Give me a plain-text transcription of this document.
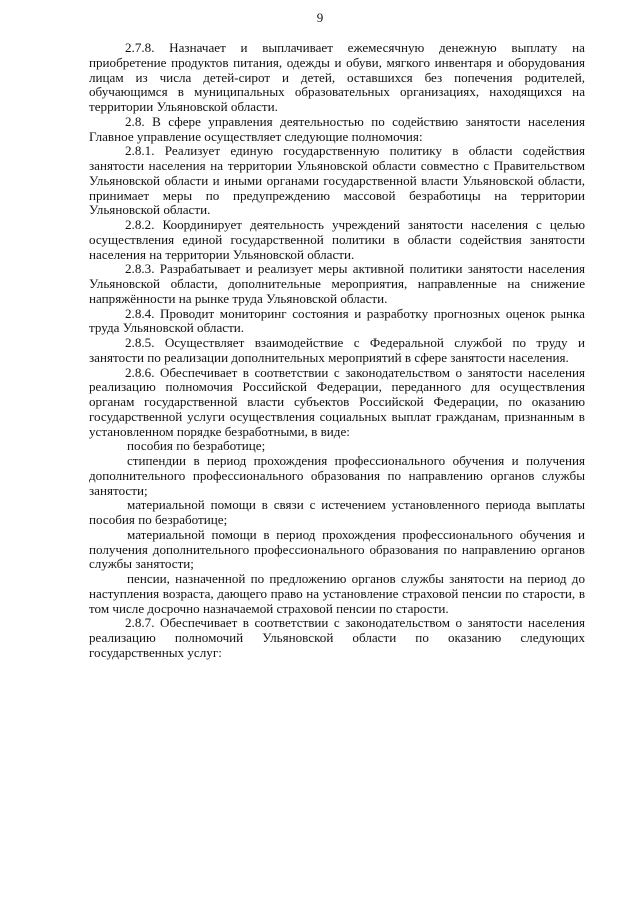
9

2.7.8. Назначает и выплачивает ежемесячную денежную выплату на приобретение продуктов питания, одежды и обуви, мягкого инвентаря и оборудования лицам из числа детей-сирот и детей, оставшихся без попечения родителей, обучающимся в муниципальных образовательных организациях, находящихся на территории Ульяновской области.

2.8. В сфере управления деятельностью по содействию занятости населения Главное управление осуществляет следующие полномочия:

2.8.1. Реализует единую государственную политику в области содействия занятости населения на территории Ульяновской области совместно с Правительством Ульяновской области и иными органами государственной власти Ульяновской области, принимает меры по предупреждению массовой безработицы на территории Ульяновской области.

2.8.2. Координирует деятельность учреждений занятости населения с целью осуществления единой государственной политики в области содействия занятости населения на территории Ульяновской области.

2.8.3. Разрабатывает и реализует меры активной политики занятости населения Ульяновской области, дополнительные мероприятия, направленные на снижение напряжённости на рынке труда Ульяновской области.

2.8.4. Проводит мониторинг состояния и разработку прогнозных оценок рынка труда Ульяновской области.

2.8.5. Осуществляет взаимодействие с Федеральной службой по труду и занятости по реализации дополнительных мероприятий в сфере занятости населения.

2.8.6. Обеспечивает в соответствии с законодательством о занятости населения реализацию полномочия Российской Федерации, переданного для осуществления органам государственной власти субъектов Российской Федерации, по оказанию государственной услуги осуществления социальных выплат гражданам, признанным в установленном порядке безработными, в виде:

пособия по безработице;

стипендии в период прохождения профессионального обучения и получения дополнительного профессионального образования по направлению органов службы занятости;

материальной помощи в связи с истечением установленного периода выплаты пособия по безработице;

материальной помощи в период прохождения профессионального обучения и получения дополнительного профессионального образования по направлению органов службы занятости;

пенсии, назначенной по предложению органов службы занятости на период до наступления возраста, дающего право на установление страховой пенсии по старости, в том числе досрочно назначаемой страховой пенсии по старости.

2.8.7. Обеспечивает в соответствии с законодательством о занятости населения реализацию полномочий Ульяновской области по оказанию следующих государственных услуг:
